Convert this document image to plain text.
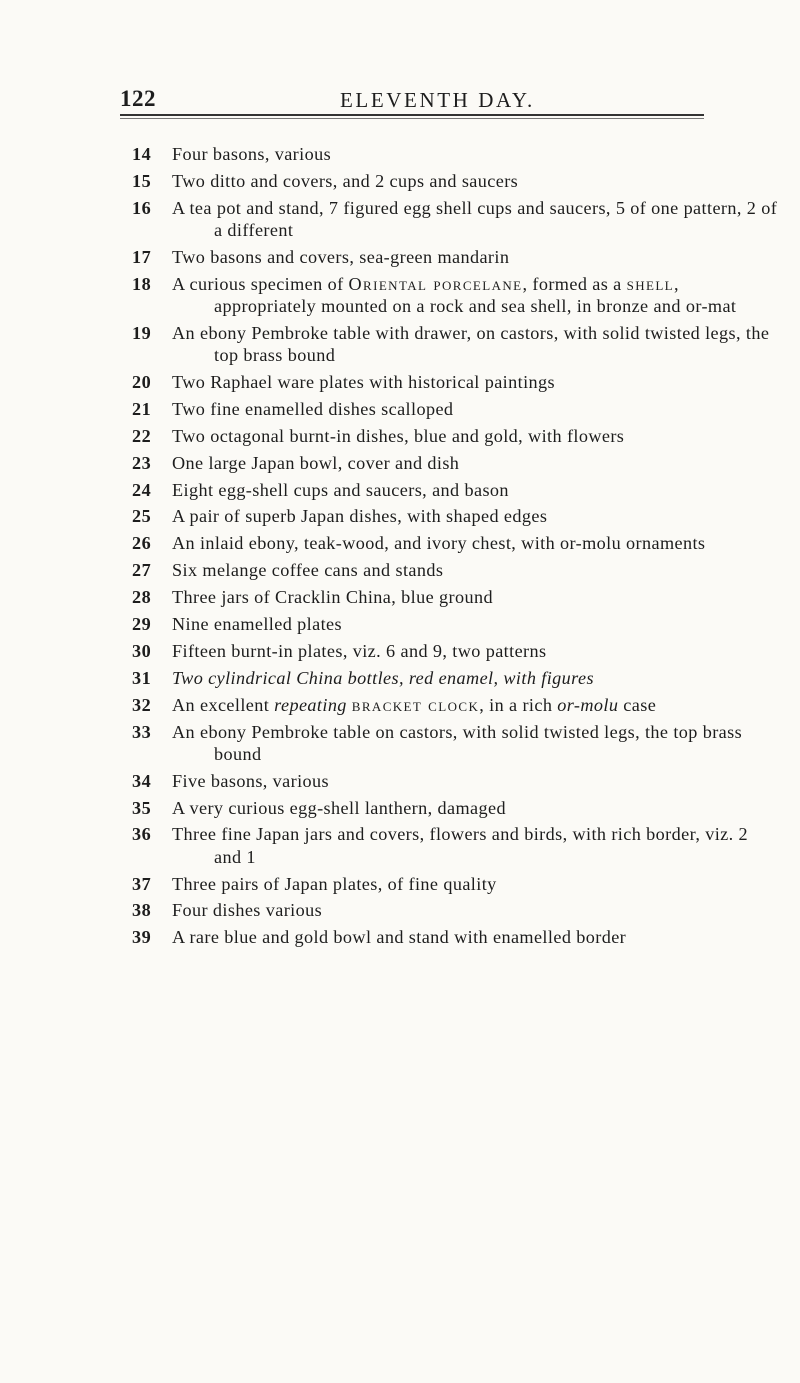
122	ELEVENTH DAY.
14	Four basons, various
15	Two ditto and covers, and 2 cups and saucers
16	A tea pot and stand, 7 figured egg shell cups and saucers, 5 of one pattern, 2 of a different
17	Two basons and covers, sea-green mandarin
18	A curious specimen of Oriental porcelane, formed as a shell, appropriately mounted on a rock and sea shell, in bronze and or-mat
19	An ebony Pembroke table with drawer, on castors, with solid twisted legs, the top brass bound
20	Two Raphael ware plates with historical paintings
21	Two fine enamelled dishes scalloped
22	Two octagonal burnt-in dishes, blue and gold, with flowers
23	One large Japan bowl, cover and dish
24	Eight egg-shell cups and saucers, and bason
25	A pair of superb Japan dishes, with shaped edges
26	An inlaid ebony, teak-wood, and ivory chest, with or-molu ornaments
27	Six melange coffee cans and stands
28	Three jars of Cracklin China, blue ground
29	Nine enamelled plates
30	Fifteen burnt-in plates, viz. 6 and 9, two patterns
31	Two cylindrical China bottles, red enamel, with figures
32	An excellent repeating bracket clock, in a rich or-molu case
33	An ebony Pembroke table on castors, with solid twisted legs, the top brass bound
34	Five basons, various
35	A very curious egg-shell lanthern, damaged
36	Three fine Japan jars and covers, flowers and birds, with rich border, viz. 2 and 1
37	Three pairs of Japan plates, of fine quality
38	Four dishes various
39	A rare blue and gold bowl and stand with enamelled border
